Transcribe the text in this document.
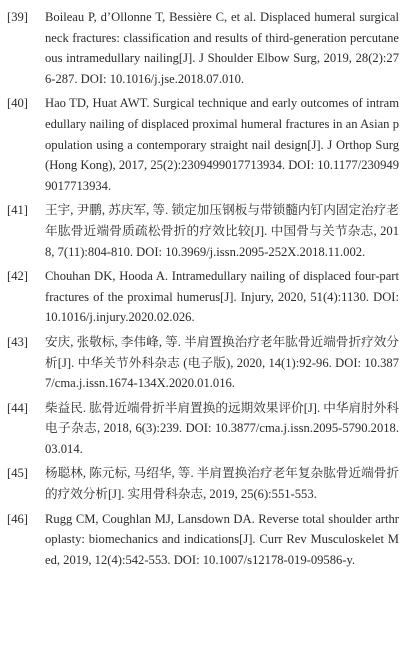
[39]	Boileau P, d’Ollonne T, Bessière C, et al. Displaced humeral surgical neck fractures: classification and results of third-generation percutaneous intramedullary nailing[J]. J Shoulder Elbow Surg, 2019, 28(2):276-287. DOI: 10.1016/j.jse.2018.07.010.
[40]	Hao TD, Huat AWT. Surgical technique and early outcomes of intramedullary nailing of displaced proximal humeral fractures in an Asian population using a contemporary straight nail design[J]. J Orthop Surg (Hong Kong), 2017, 25(2):2309499017713934. DOI: 10.1177/2309499017713934.
[41]	王宇, 尹鹏, 苏庆军, 等. 锁定加压钢板与带锁髓内钉内固定治疗老年肱骨近端骨质疏松骨折的疗效比较[J]. 中国骨与关节杂志, 2018, 7(11):804-810. DOI: 10.3969/j.issn.2095-252X.2018.11.002.
[42]	Chouhan DK, Hooda A. Intramedullary nailing of displaced four-part fractures of the proximal humerus[J]. Injury, 2020, 51(4):1130. DOI: 10.1016/j.injury.2020.02.026.
[43]	安庆, 张敬标, 李伟峰, 等. 半肩置换治疗老年肱骨近端骨折疗效分析[J]. 中华关节外科杂志 (电子版), 2020, 14(1):92-96. DOI: 10.3877/cma.j.issn.1674-134X.2020.01.016.
[44]	柴益民. 肱骨近端骨折半肩置换的远期效果评价[J]. 中华肩肘外科电子杂志, 2018, 6(3):239. DOI: 10.3877/cma.j.issn.2095-5790.2018.03.014.
[45]	杨聪林, 陈元标, 马绍华, 等. 半肩置换治疗老年复杂肱骨近端骨折的疗效分析[J]. 实用骨科杂志, 2019, 25(6):551-553.
[46]	Rugg CM, Coughlan MJ, Lansdown DA. Reverse total shoulder arthroplasty: biomechanics and indications[J]. Curr Rev Musculoskelet Med, 2019, 12(4):542-553. DOI: 10.1007/s12178-019-09586-y.
